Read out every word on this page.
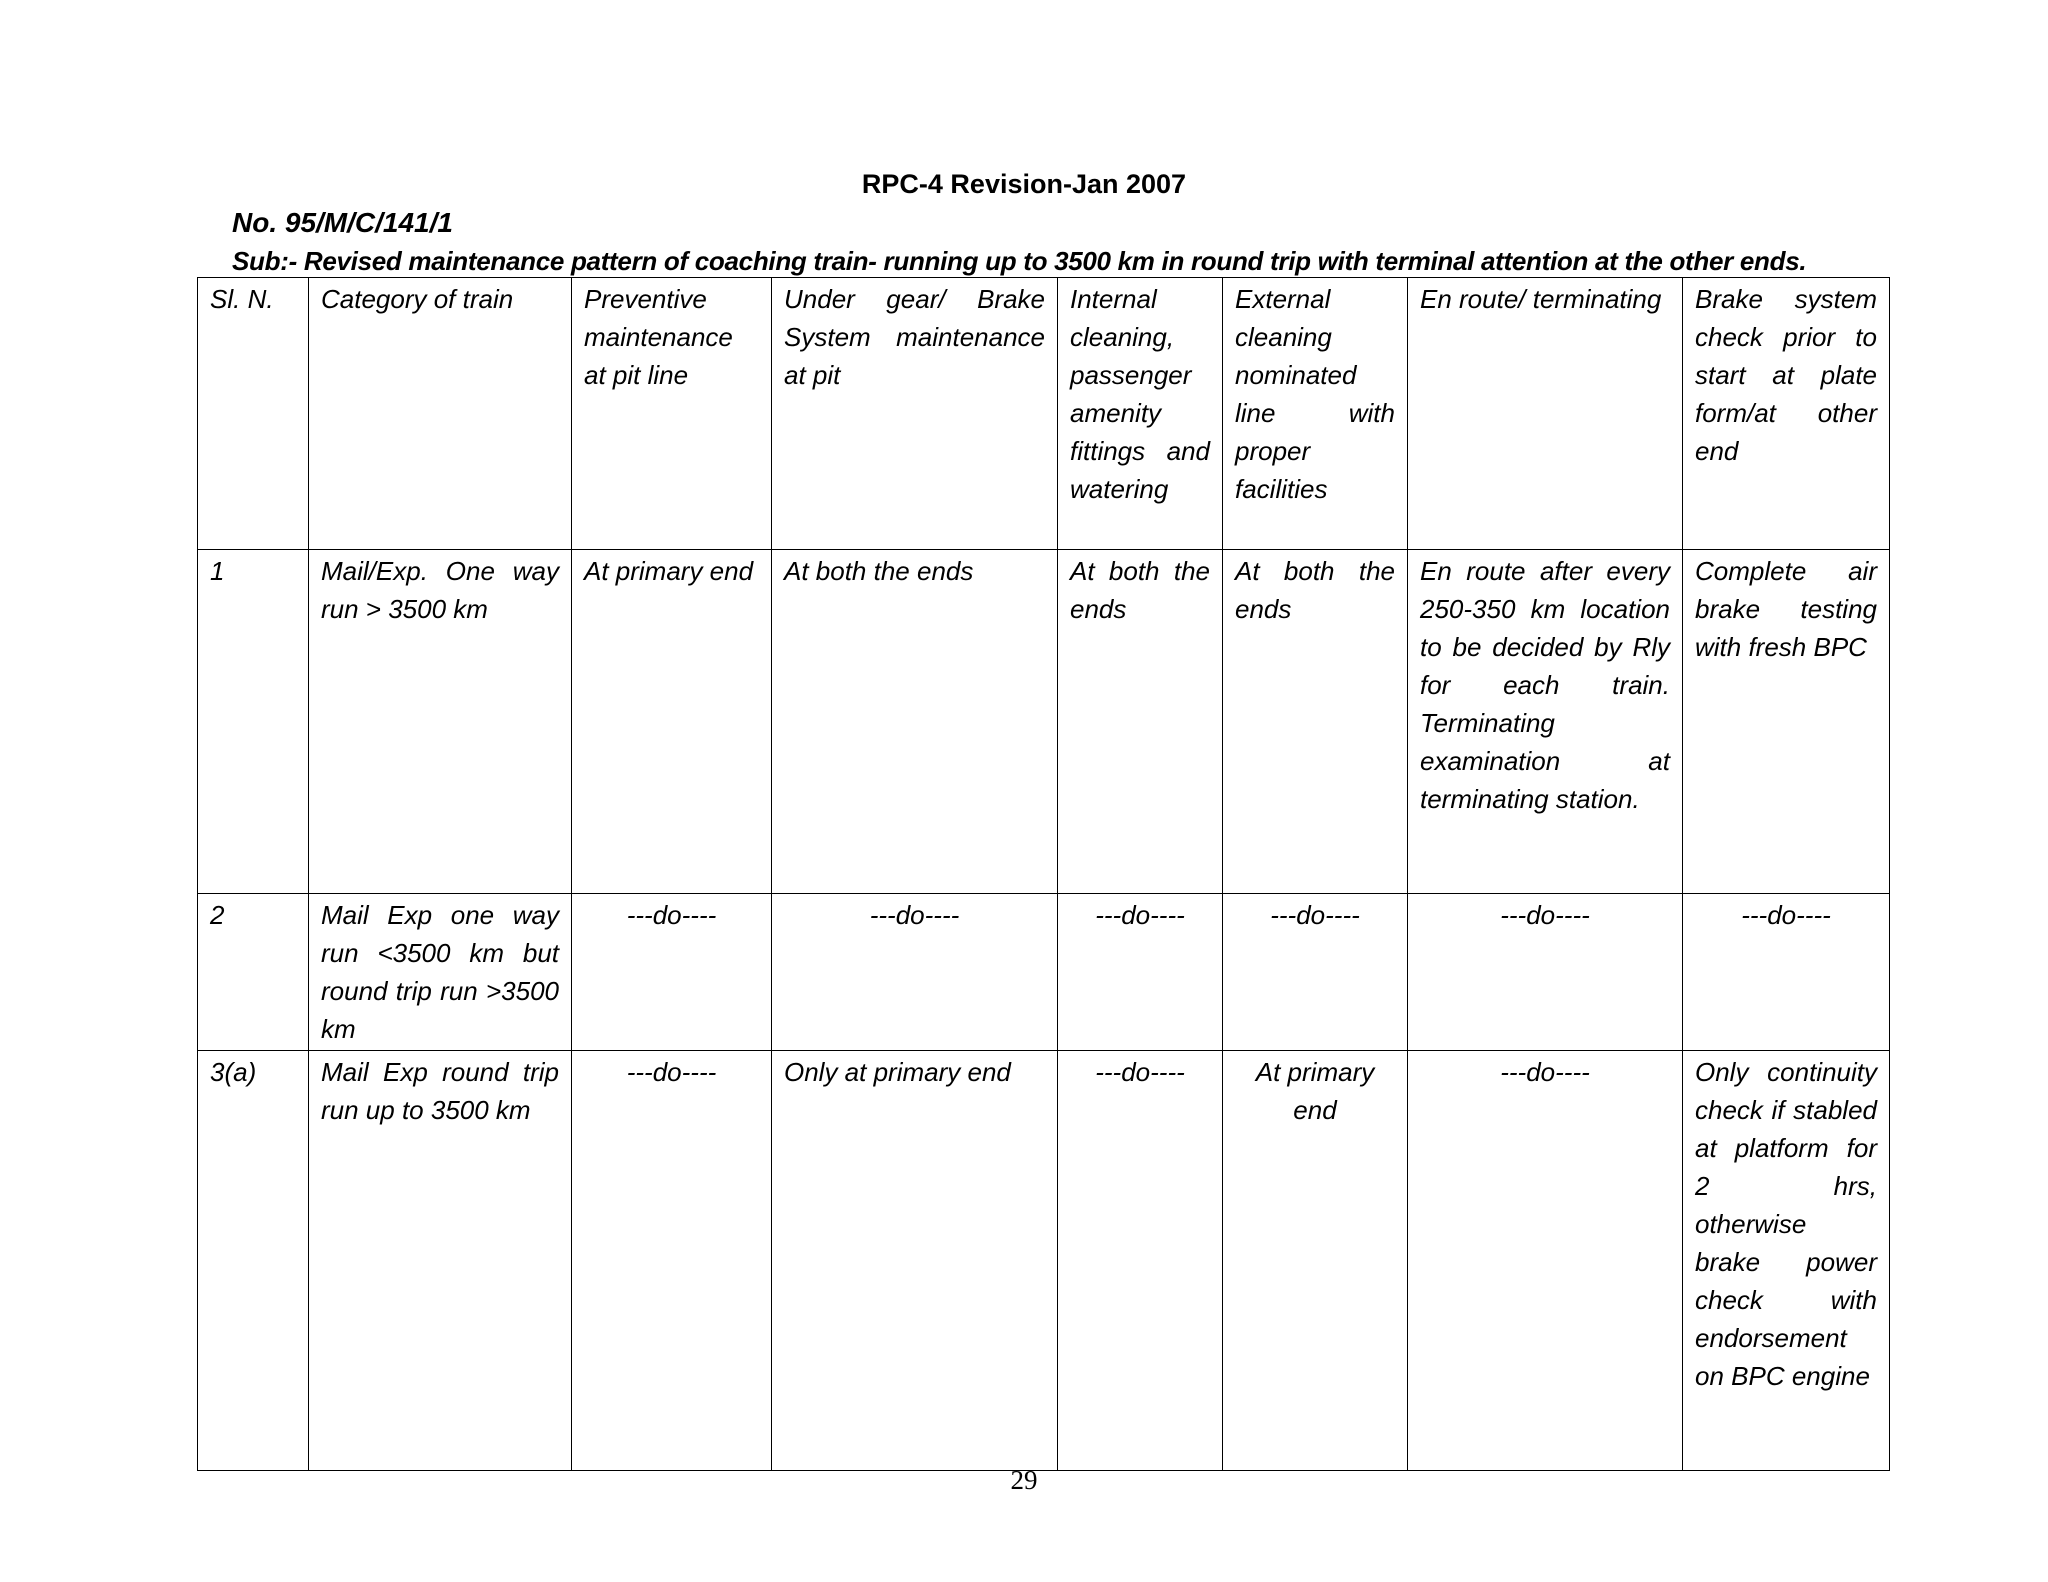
RPC-4 Revision-Jan 2007
No. 95/M/C/141/1
Sub:- Revised maintenance pattern of coaching train- running up to 3500 km in round trip with terminal attention at the other ends.
Sl. N.	Category of train	Preventive maintenance at pit line	Under gear/ Brake System maintenance at pit	Internal cleaning, passenger amenity fittings and watering	External cleaning nominated line with proper facilities	En route/ terminating	Brake system check prior to start at plate form/at other end
1	Mail/Exp. One way run > 3500 km	At primary end	At both the ends	At both the ends	At both the ends	En route after every 250-350 km location to be decided by Rly for each train. Terminating examination at terminating station.	Complete air brake testing with fresh BPC
2	Mail Exp one way run <3500 km but round trip run >3500 km	---do----	---do----	---do----	---do----	---do----	---do----
3(a)	Mail Exp round trip run up to 3500 km	---do----	Only at primary end	---do----	At primary end	---do----	Only continuity check if stabled at platform for 2 hrs, otherwise brake power check with endorsement on BPC engine
29
